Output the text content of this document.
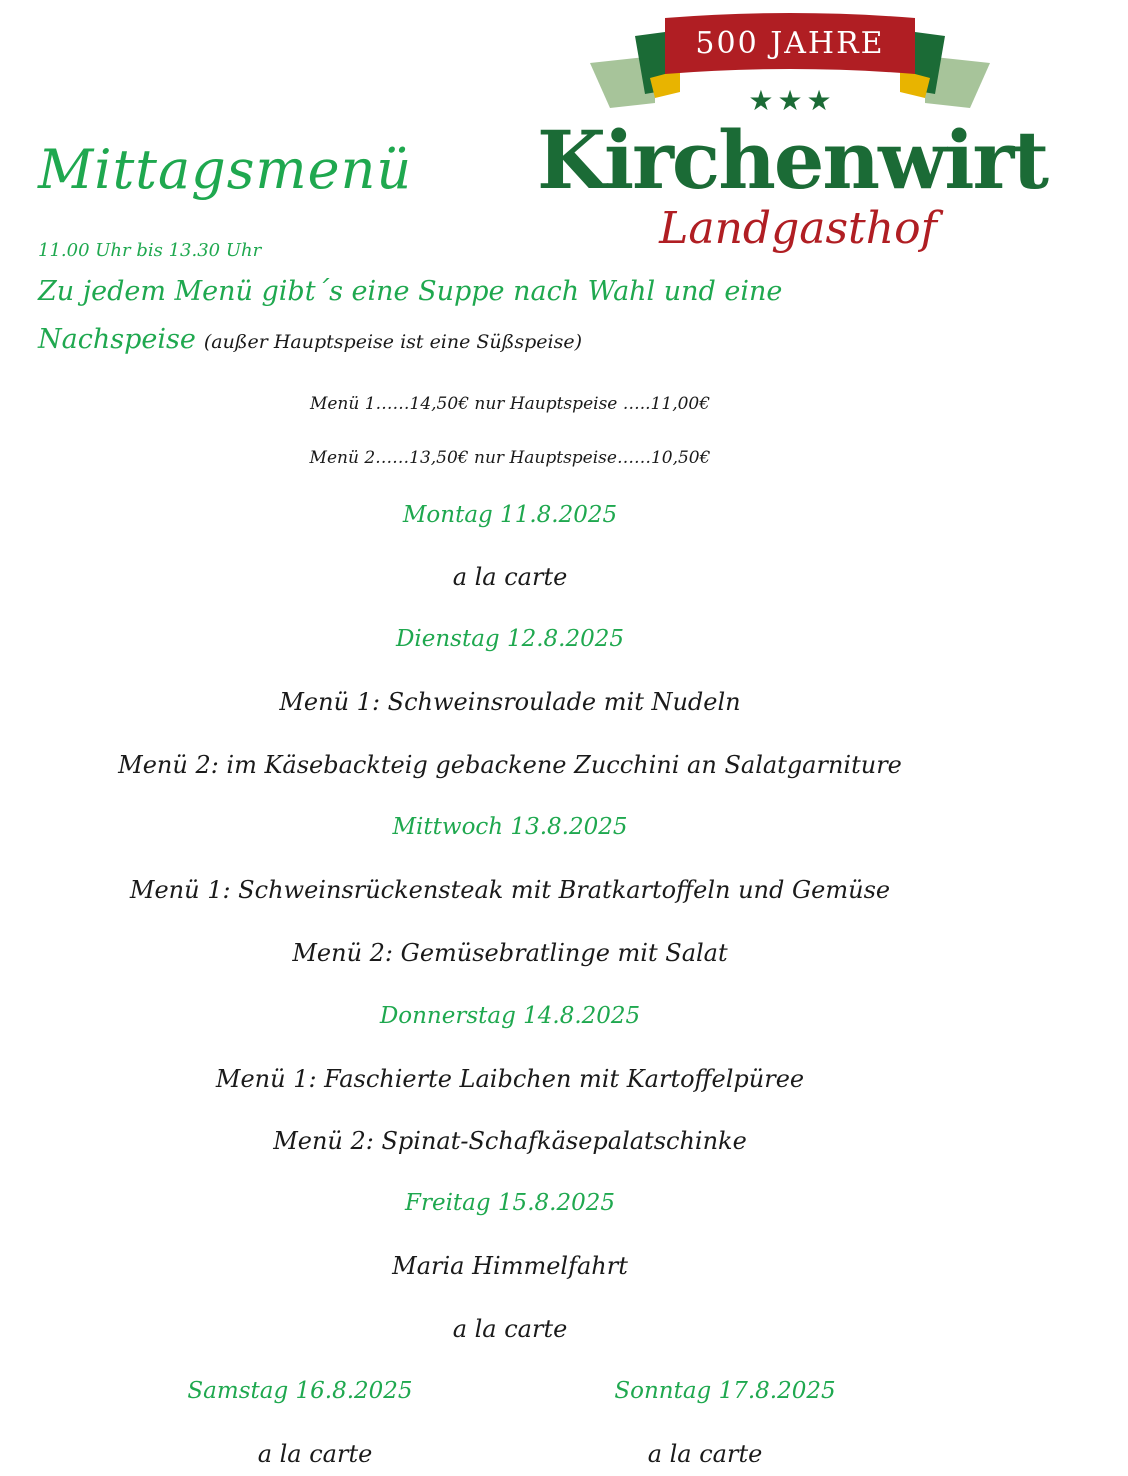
500 JAHRE
★★★
Kirchenwirt
Landgasthof
Mittagsmenü
11.00 Uhr bis 13.30 Uhr
Zu jedem Menü gibt´s eine Suppe nach Wahl und eine
Nachspeise (außer Hauptspeise ist eine Süßspeise)
Menü 1……14,50€ nur Hauptspeise …..11,00€
Menü 2……13,50€ nur Hauptspeise……10,50€
Montag 11.8.2025
a la carte
Dienstag 12.8.2025
Menü 1: Schweinsroulade mit Nudeln
Menü 2: im Käsebackteig gebackene Zucchini an Salatgarniture
Mittwoch 13.8.2025
Menü 1: Schweinsrückensteak mit Bratkartoffeln und Gemüse
Menü 2: Gemüsebratlinge mit Salat
Donnerstag 14.8.2025
Menü 1: Faschierte Laibchen mit Kartoffelpüree
Menü 2: Spinat-Schafkäsepalatschinke
Freitag 15.8.2025
Maria Himmelfahrt
a la carte
Samstag 16.8.2025
a la carte
Sonntag 17.8.2025
a la carte
